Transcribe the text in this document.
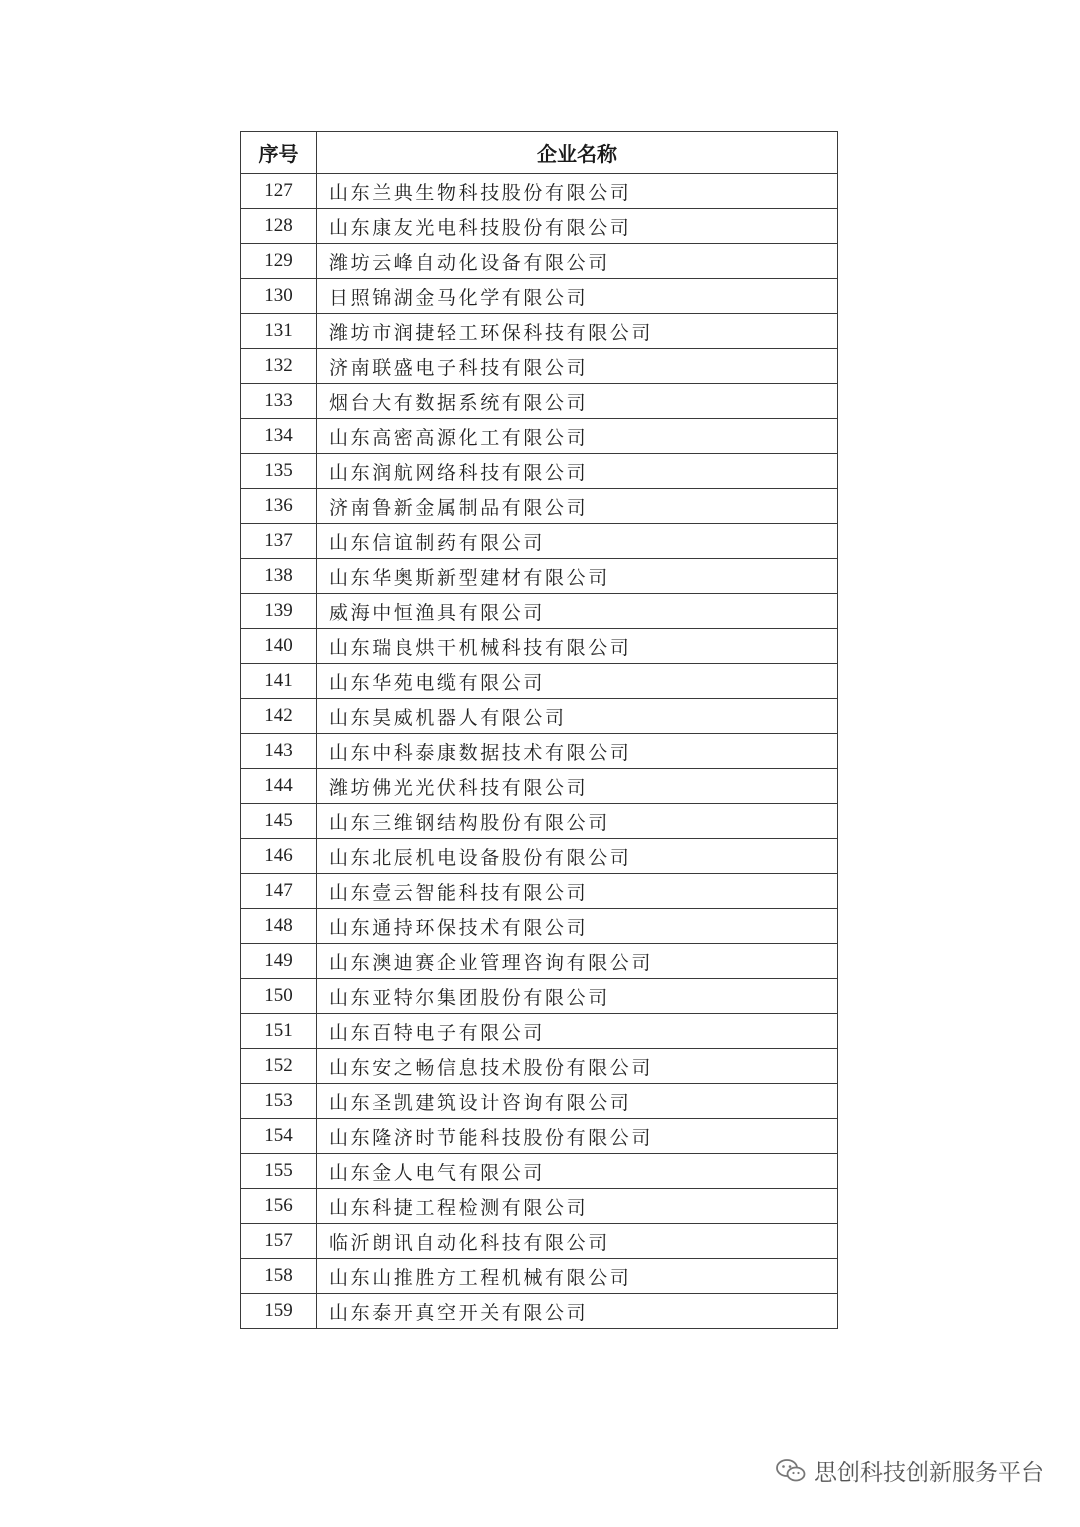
序号	企业名称
127	山东兰典生物科技股份有限公司
128	山东康友光电科技股份有限公司
129	潍坊云峰自动化设备有限公司
130	日照锦湖金马化学有限公司
131	潍坊市润捷轻工环保科技有限公司
132	济南联盛电子科技有限公司
133	烟台大有数据系统有限公司
134	山东高密高源化工有限公司
135	山东润航网络科技有限公司
136	济南鲁新金属制品有限公司
137	山东信谊制药有限公司
138	山东华奥斯新型建材有限公司
139	威海中恒渔具有限公司
140	山东瑞良烘干机械科技有限公司
141	山东华苑电缆有限公司
142	山东昊威机器人有限公司
143	山东中科泰康数据技术有限公司
144	潍坊佛光光伏科技有限公司
145	山东三维钢结构股份有限公司
146	山东北辰机电设备股份有限公司
147	山东壹云智能科技有限公司
148	山东通持环保技术有限公司
149	山东澳迪赛企业管理咨询有限公司
150	山东亚特尔集团股份有限公司
151	山东百特电子有限公司
152	山东安之畅信息技术股份有限公司
153	山东圣凯建筑设计咨询有限公司
154	山东隆济时节能科技股份有限公司
155	山东金人电气有限公司
156	山东科捷工程检测有限公司
157	临沂朗讯自动化科技有限公司
158	山东山推胜方工程机械有限公司
159	山东泰开真空开关有限公司
思创科技创新服务平台
